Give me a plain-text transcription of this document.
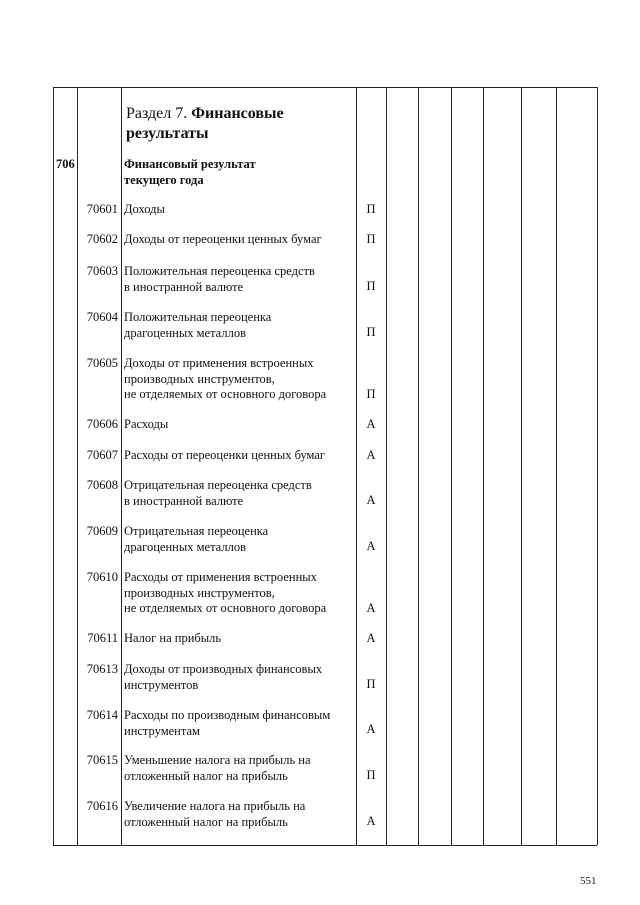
Раздел 7. Финансовые
результаты
706	Финансовый результат
текущего года
70601 Доходы	П
70602 Доходы от переоценки ценных бумаг	П
70603 Положительная переоценка средств
в иностранной валюте	П
70604 Положительная переоценка
драгоценных металлов	П
70605 Доходы от применения встроенных
производных инструментов,
не отделяемых от основного договора	П
70606 Расходы	А
70607 Расходы от переоценки ценных бумаг	А
70608 Отрицательная переоценка средств
в иностранной валюте	А
70609 Отрицательная переоценка
драгоценных металлов	А
70610 Расходы от применения встроенных
производных инструментов,
не отделяемых от основного договора	А
70611 Налог на прибыль	А
70613 Доходы от производных финансовых
инструментов	П
70614 Расходы по производным финансовым
инструментам	А
70615 Уменьшение налога на прибыль на
отложенный налог на прибыль	П
70616 Увеличение налога на прибыль на
отложенный налог на прибыль	А
551
